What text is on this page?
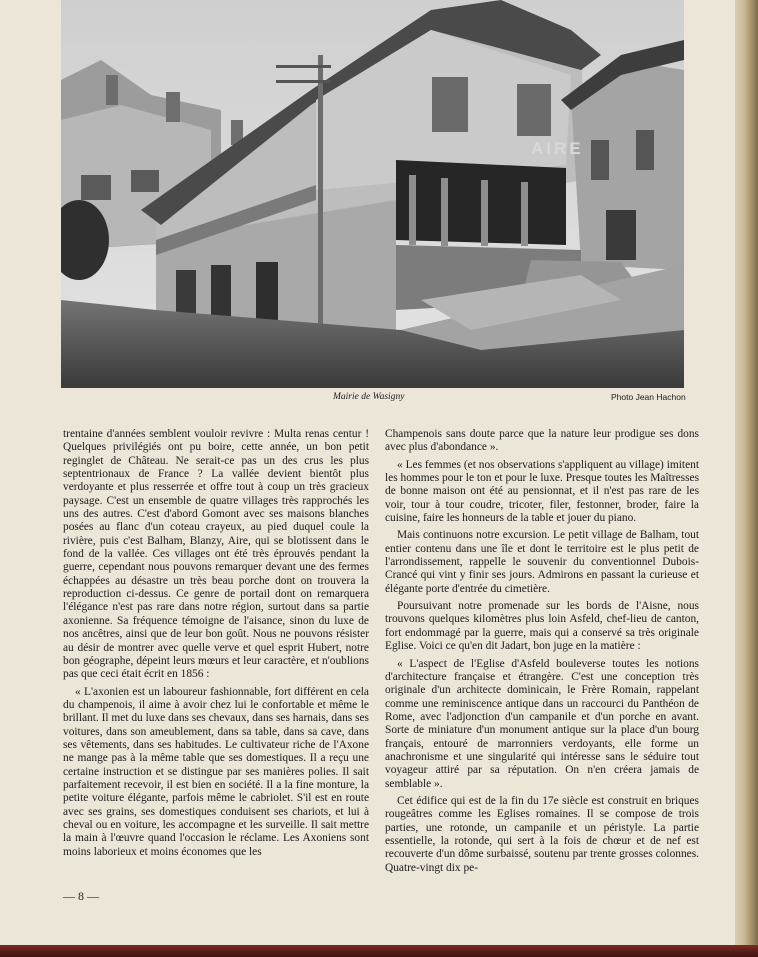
AIRE
Mairie de Wasigny	Photo Jean Hachon

trentaine d'années semblent vouloir revivre : Multa renas centur ! Quelques privilégiés ont pu boire, cette année, un bon petit reginglet de Château. Ne serait-ce pas un des crus les plus septentrionaux de France ? La vallée devient bientôt plus verdoyante et plus resserrée et offre tout à coup un très gracieux paysage. C'est un ensemble de quatre villages très rapprochés les uns des autres. C'est d'abord Gomont avec ses maisons blanches posées au flanc d'un coteau crayeux, au pied duquel coule la rivière, puis c'est Balham, Blanzy, Aire, qui se blotissent dans le fond de la vallée. Ces villages ont été très éprouvés pendant la guerre, cependant nous pouvons remarquer devant une des fermes échappées au désastre un très beau porche dont on trouvera la reproduction ci-dessus. Ce genre de portail dont on remarquera l'élégance n'est pas rare dans notre région, surtout dans sa partie axonienne. Sa fréquence témoigne de l'aisance, sinon du luxe de nos ancêtres, ainsi que de leur bon goût. Nous ne pouvons résister au désir de montrer avec quelle verve et quel esprit Hubert, notre bon géographe, dépeint leurs mœurs et leur caractère, et n'oublions pas que ceci était écrit en 1856 :

« L'axonien est un laboureur fashionnable, fort différent en cela du champenois, il aime à avoir chez lui le confortable et même le brillant. Il met du luxe dans ses chevaux, dans ses harnais, dans ses voitures, dans son ameublement, dans sa table, dans sa cave, dans ses vêtements, dans ses habitudes. Le cultivateur riche de l'Axone ne mange pas à la même table que ses domestiques. Il a reçu une certaine instruction et se distingue par ses manières polies. Il sait parfaitement recevoir, il est bien en société. Il a la fine monture, la petite voiture élégante, parfois même le cabriolet. S'il est en route avec ses grains, ses domestiques conduisent ses chariots, et lui à cheval ou en voiture, les accompagne et les surveille. Il sait mettre la main à l'œuvre quand l'occasion le réclame. Les Axoniens sont moins laborieux et moins économes que les

Champenois sans doute parce que la nature leur prodigue ses dons avec plus d'abondance ».

« Les femmes (et nos observations s'appliquent au village) imitent les hommes pour le ton et pour le luxe. Presque toutes les Maîtresses de bonne maison ont été au pensionnat, et il n'est pas rare de les voir, tour à tour coudre, tricoter, filer, festonner, broder, faire la cuisine, faire les honneurs de la table et jouer du piano.

Mais continuons notre excursion. Le petit village de Balham, tout entier contenu dans une île et dont le territoire est le plus petit de l'arrondissement, rappelle le souvenir du conventionnel Dubois-Crancé qui vint y finir ses jours. Admirons en passant la curieuse et élégante porte d'entrée du cimetière.

Poursuivant notre promenade sur les bords de l'Aisne, nous trouvons quelques kilomètres plus loin Asfeld, chef-lieu de canton, fort endommagé par la guerre, mais qui a conservé sa très originale Eglise. Voici ce qu'en dit Jadart, bon juge en la matière :

« L'aspect de l'Eglise d'Asfeld bouleverse toutes les notions d'architecture française et étrangère. C'est une conception très originale d'un architecte dominicain, le Frère Romain, rappelant comme une reminiscence antique dans un raccourci du Panthéon de Rome, avec l'adjonction d'un campanile et d'un porche en avant. Sorte de miniature d'un monument antique sur la place d'un bourg français, entouré de marronniers verdoyants, elle forme un anachronisme et une singularité qui intéresse sans le séduire tout voyageur attiré par sa réputation. On n'en créera jamais de semblable ».

Cet édifice qui est de la fin du 17e siècle est construit en briques rougeâtres comme les Eglises romaines. Il se compose de trois parties, une rotonde, un campanile et un péristyle. La partie essentielle, la rotonde, qui sert à la fois de chœur et de nef est recouverte d'un dôme surbaissé, soutenu par trente grosses colonnes. Quatre-vingt dix pe-

— 8 —
